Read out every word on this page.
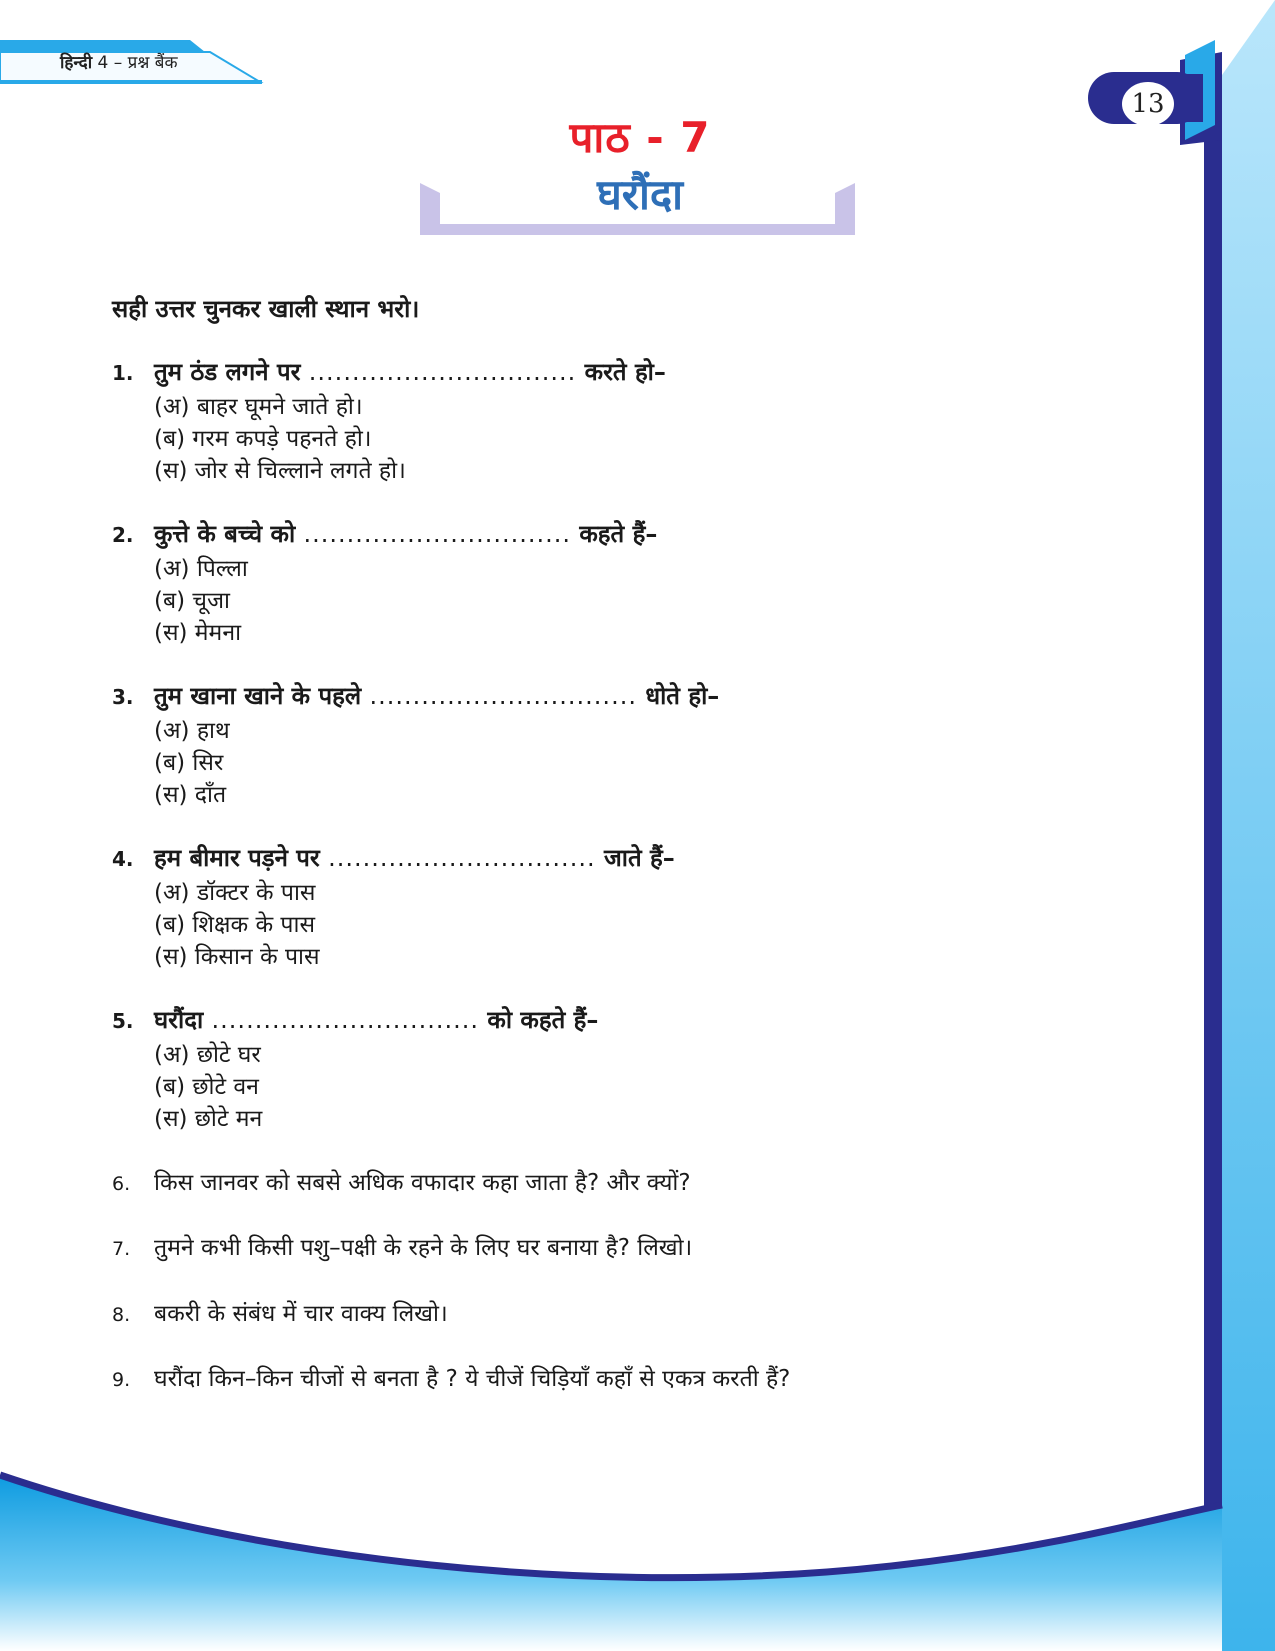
हिन्दी 4 – प्रश्न बैंक
13
पाठ - 7
घरौंदा
सही उत्तर चुनकर खाली स्थान भरो।
1. तुम ठंड लगने पर ............................... करते हो–
(अ) बाहर घूमने जाते हो।
(ब) गरम कपड़े पहनते हो।
(स) जोर से चिल्लाने लगते हो।
2. कुत्ते के बच्चे को ............................... कहते हैं–
(अ) पिल्ला
(ब) चूजा
(स) मेमना
3. तुम खाना खाने के पहले ............................... धोते हो–
(अ) हाथ
(ब) सिर
(स) दाँत
4. हम बीमार पड़ने पर ............................... जाते हैं–
(अ) डॉक्टर के पास
(ब) शिक्षक के पास
(स) किसान के पास
5. घरौंदा ............................... को कहते हैं–
(अ) छोटे घर
(ब) छोटे वन
(स) छोटे मन
6. किस जानवर को सबसे अधिक वफादार कहा जाता है? और क्यों?
7. तुमने कभी किसी पशु–पक्षी के रहने के लिए घर बनाया है? लिखो।
8. बकरी के संबंध में चार वाक्य लिखो।
9. घरौंदा किन–किन चीजों से बनता है ? ये चीजें चिड़ियाँ कहाँ से एकत्र करती हैं?
